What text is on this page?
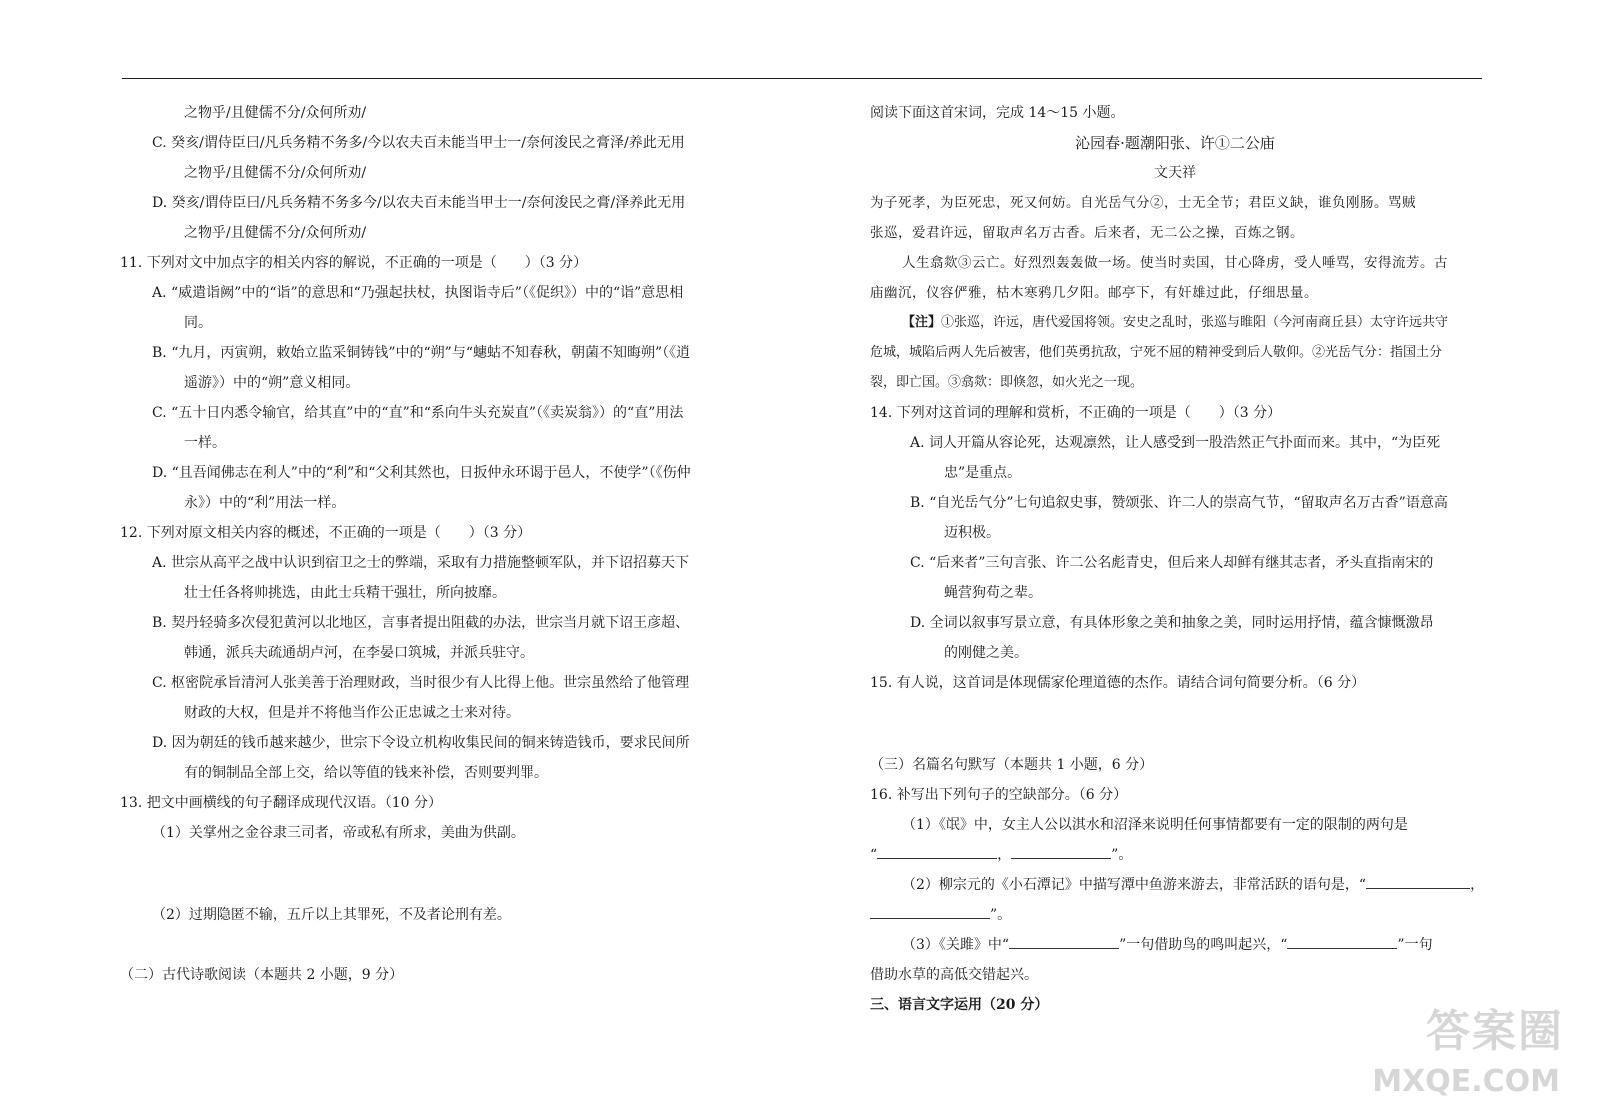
之物乎/且健儒不分/众何所劝/
C. 癸亥/谓侍臣曰/凡兵务精不务多/今以农夫百未能当甲士一/奈何浚民之膏泽/养此无用
之物乎/且健儒不分/众何所劝/
D. 癸亥/谓侍臣曰/凡兵务精不务多今/以农夫百未能当甲士一/奈何浚民之膏/泽养此无用
之物乎/且健儒不分/众何所劝/
11. 下列对文中加点字的相关内容的解说，不正确的一项是（　　）（3 分）
A. “威遣诣阙”中的“诣”的意思和“乃强起扶杖，执图诣寺后”（《促织》）中的“诣”意思相
同。
B. “九月，丙寅朔，敕始立监采铜铸钱”中的“朔”与“蟪蛄不知春秋，朝菌不知晦朔”（《逍
遥游》）中的“朔”意义相同。
C. “五十日内悉令输官，给其直”中的“直”和“系向牛头充炭直”（《卖炭翁》）的“直”用法
一样。
D. “且吾闻佛志在利人”中的“利”和“父利其然也，日扳仲永环谒于邑人，不使学”（《伤仲
永》）中的“利”用法一样。
12. 下列对原文相关内容的概述，不正确的一项是（　　）（3 分）
A. 世宗从高平之战中认识到宿卫之士的弊端，采取有力措施整顿军队，并下诏招募天下
壮士任各将帅挑选，由此士兵精干强壮，所向披靡。
B. 契丹轻骑多次侵犯黄河以北地区，言事者提出阻截的办法，世宗当月就下诏王彦超、
韩通，派兵夫疏通胡卢河，在李晏口筑城，并派兵驻守。
C. 枢密院承旨清河人张美善于治理财政，当时很少有人比得上他。世宗虽然给了他管理
财政的大权，但是并不将他当作公正忠诚之士来对待。
D. 因为朝廷的钱币越来越少，世宗下令设立机构收集民间的铜来铸造钱币，要求民间所
有的铜制品全部上交，给以等值的钱来补偿，否则要判罪。
13. 把文中画横线的句子翻译成现代汉语。（10 分）
（1）关掌州之金谷隶三司者，帝或私有所求，美曲为供副。
（2）过期隐匿不输，五斤以上其罪死，不及者论刑有差。
（二）古代诗歌阅读（本题共 2 小题，9 分）
阅读下面这首宋词，完成 14～15 小题。
沁园春·题潮阳张、许①二公庙
文天祥
为子死孝，为臣死忠，死又何妨。自光岳气分②，士无全节；君臣义缺，谁负刚肠。骂贼
张巡，爱君许远，留取声名万古香。后来者，无二公之操，百炼之钢。
人生翕欻③云亡。好烈烈轰轰做一场。使当时卖国，甘心降虏，受人唾骂，安得流芳。古
庙幽沉，仪容俨雅，枯木寒鸦几夕阳。邮亭下，有奸雄过此，仔细思量。
【注】①张巡，许远，唐代爱国将领。安史之乱时，张巡与睢阳（今河南商丘县）太守许远共守
危城，城陷后两人先后被害，他们英勇抗敌，宁死不屈的精神受到后人敬仰。②光岳气分：指国土分
裂，即亡国。③翕欻：即倏忽，如火光之一现。
14. 下列对这首词的理解和赏析，不正确的一项是（　　）（3 分）
A. 词人开篇从容论死，达观凛然，让人感受到一股浩然正气扑面而来。其中，“为臣死
忠”是重点。
B. “自光岳气分”七句追叙史事，赞颂张、许二人的崇高气节，“留取声名万古香”语意高
迈积极。
C. “后来者”三句言张、许二公名彪青史，但后来人却鲜有继其志者，矛头直指南宋的
蝇营狗苟之辈。
D. 全词以叙事写景立意，有具体形象之美和抽象之美，同时运用抒情，蕴含慷慨激昂
的刚健之美。
15. 有人说，这首词是体现儒家伦理道德的杰作。请结合词句简要分析。（6 分）
（三）名篇名句默写（本题共 1 小题，6 分）
16. 补写出下列句子的空缺部分。（6 分）
（1）《氓》中，女主人公以淇水和沼泽来说明任何事情都要有一定的限制的两句是
“	，	”。
（2）柳宗元的《小石潭记》中描写潭中鱼游来游去，非常活跃的语句是，“	，
”。
（3）《关雎》中“	”一句借助鸟的鸣叫起兴，“	”一句
借助水草的高低交错起兴。
三、语言文字运用（20 分）
答案圈
MXQE.COM
